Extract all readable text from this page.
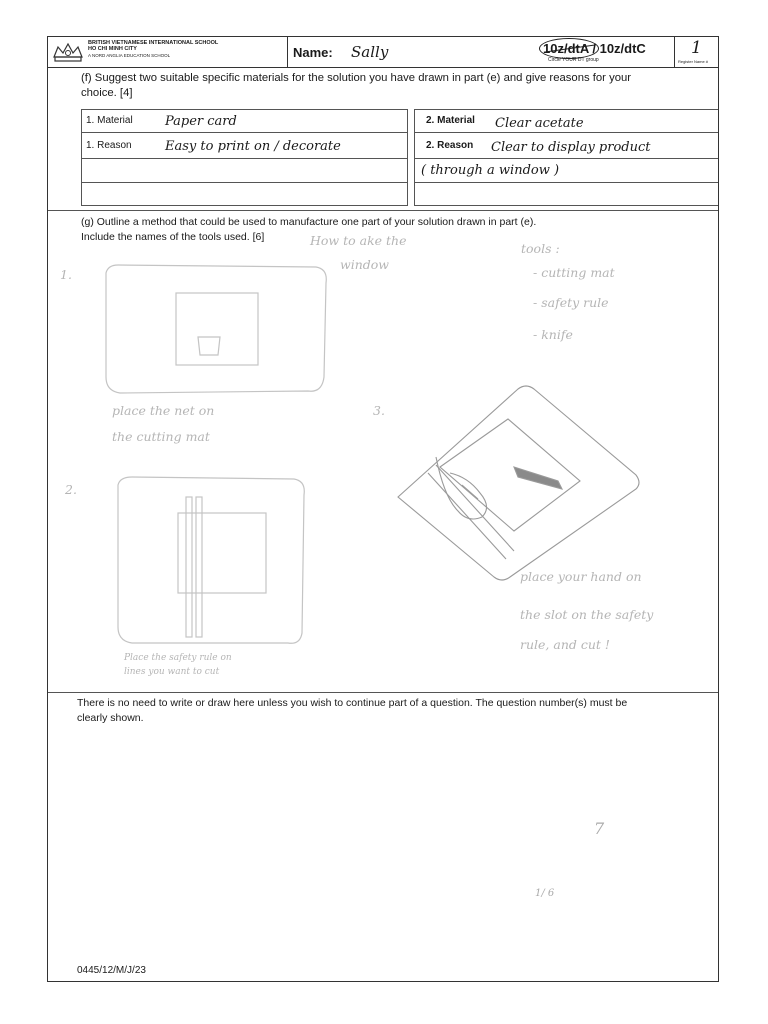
BRITISH VIETNAMESE INTERNATIONAL SCHOOL
HO CHI MINH CITY
A NORD ANGLIA EDUCATION SCHOOL	Name: Sally	10z/dtA / 10z/dtC
Circle YOUR DT group
1
Register Name #
(f) Suggest two suitable specific materials for the solution you have drawn in part (e) and give reasons for your
choice. [4]
1. Material Paper card
1. Reason	Easy to print on / decorate
2. Material Clear acetate
2. Reason Clear to display product
( through a window )
(g) Outline a method that could be used to manufacture one part of your solution drawn in part (e).
Include the names of the tools used. [6]	How to ake the
window
tools :
- cutting mat
- safety rule
- knife
1.
place the net on
the cutting mat
2.
Place the safety rule on
lines you want to cut
3.
place your hand on
the slot on the safety
rule, and cut !
There is no need to write or draw here unless you wish to continue part of a question. The question number(s) must be
clearly shown.
7
1/ 6
0445/12/M/J/23
